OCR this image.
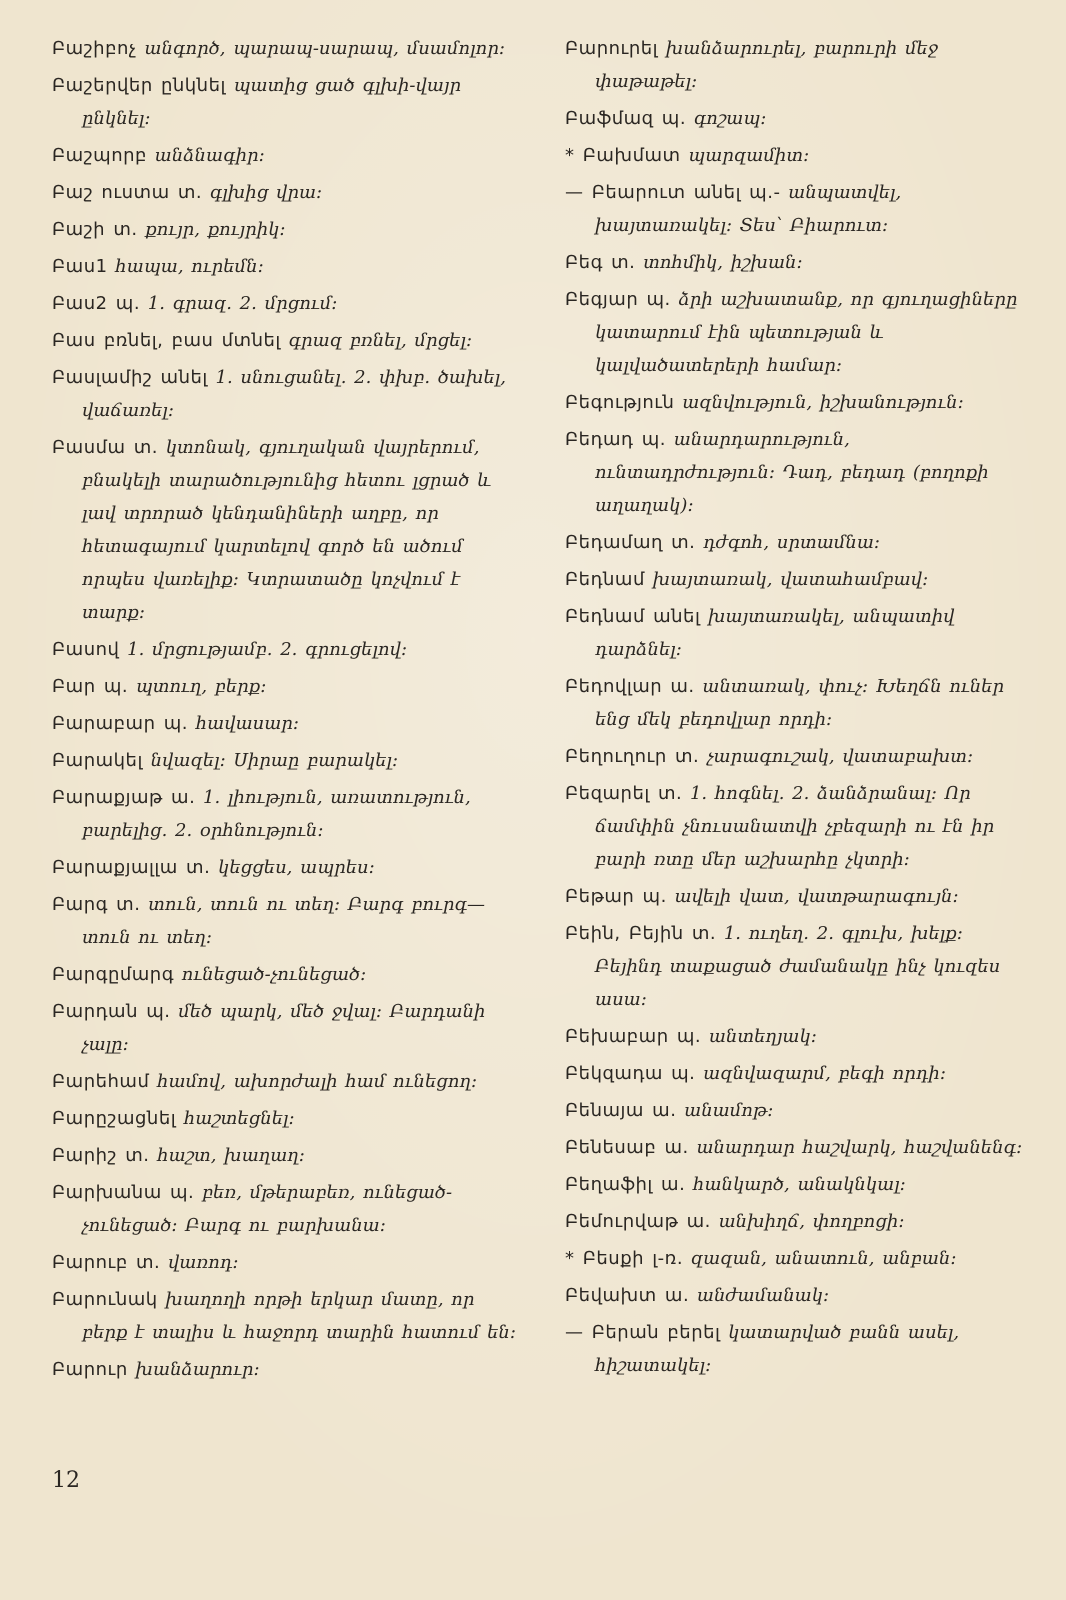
Բաշիբոչ անգործ, պարապ-սարապ, մսամոլոր։

Բաշերվեր ընկնել պատից ցած գլխի-վայր ընկնել։

Բաշպորբ անձնագիր։

Բաշ ուստա տ. գլխից վրա։

Բաշի տ. քույր, քույրիկ։

Բաս1 հապա, ուրեմն։

Բաս2 պ. 1. գրազ. 2. մրցում։

Բաս բռնել, բաս մտնել գրազ բռնել, մրցել։

Բասլամիշ անել 1. սնուցանել. 2. փխբ. ծախել, վաճառել։

Բասմա տ. կտոնակ, գյուղական վայրերում, բնակելի տարածությունից հետու լցրած և լավ տրորած կենդանիների աղբը, որ հետագայում կարտելով գործ են ածում որպես վառելիք։ Կտրատածը կոչվում է տարք։

Բասով 1. մրցությամբ. 2. գրուցելով։

Բար պ. պտուղ, բերք։

Բարաբար պ. հավասար։

Բարակել նվազել։ Սիրաը բարակել։

Բարաքյաթ ա. 1. լիություն, առատություն, բարելից. 2. օրհնություն։

Բարաքյալլա տ. կեցցես, ապրես։

Բարգ տ. տուն, տուն ու տեղ։ Բարգ բուրգ—տուն ու տեղ։

Բարգըմարգ ունեցած-չունեցած։

Բարդան պ. մեծ պարկ, մեծ ջվալ։ Բարդանի չալը։

Բարեհամ համով, ախորժալի համ ունեցող։

Բարըշացնել հաշտեցնել։

Բարիշ տ. հաշտ, խաղաղ։

Բարխանա պ. բեռ, մթերաբեռ, ունեցած-չունեցած։ Բարգ ու բարխանա։

Բարուբ տ. վառոդ։

Բարունակ խաղողի որթի երկար մատը, որ բերք է տալիս և հաջորդ տարին հատում են։

Բարուր խանձարուր։

Բարուրել խանձարուրել, բարուրի մեջ փաթաթել։

Բաֆմազ պ. գոշապ։

* Բախմատ պարզամիտ։

— Բեարուտ անել պ.- անպատվել, խայտառակել։ Տես՝ Բիարուտ։

Բեգ տ. տոհմիկ, իշխան։

Բեգյար պ. ձրի աշխատանք, որ գյուղացիները կատարում էին պետության և կալվածատերերի համար։

Բեգություն ազնվություն, իշխանություն։

Բեդադ պ. անարդարություն, ունտադրժություն։ Դադ, բեդադ (բողոքի աղաղակ)։

Բեդամաղ տ. դժգոհ, սրտամնա։

Բեդնամ խայտառակ, վատահամբավ։

Բեդնամ անել խայտառակել, անպատիվ դարձնել։

Բեդովլար ա. անտառակ, փուչ։ Խեղճն ուներ ենց մեկ բեդովլար որդի։

Բեղուղուր տ. չարագուշակ, վատաբախտ։

Բեզարել տ. 1. հոգնել. 2. ձանձրանալ։ Որ ճամփին չնուսանատվի չբեզարի ու էն իր բարի ռտը մեր աշխարհը չկտրի։

Բեթար պ. ավելի վատ, վատթարագույն։

Բեին, Բեյին տ. 1. ուղեղ. 2. գլուխ, խելք։ Բեյինդ տաքացած ժամանակը ինչ կուզես ասա։

Բեխաբար պ. անտեղյակ։

Բեկզադա պ. ազնվազարմ, բեգի որդի։

Բենայա ա. անամոթ։

Բենեսաբ ա. անարդար հաշվարկ, հաշվանենգ։

Բեղաֆիլ ա. հանկարծ, անակնկալ։

Բեմուրվաթ ա. անխիղճ, փողբոցի։

* Բեսքի լ-ռ. զազան, անատուն, անբան։

Բեվախտ ա. անժամանակ։

— Բերան բերել կատարված բանն ասել, հիշատակել։

12
